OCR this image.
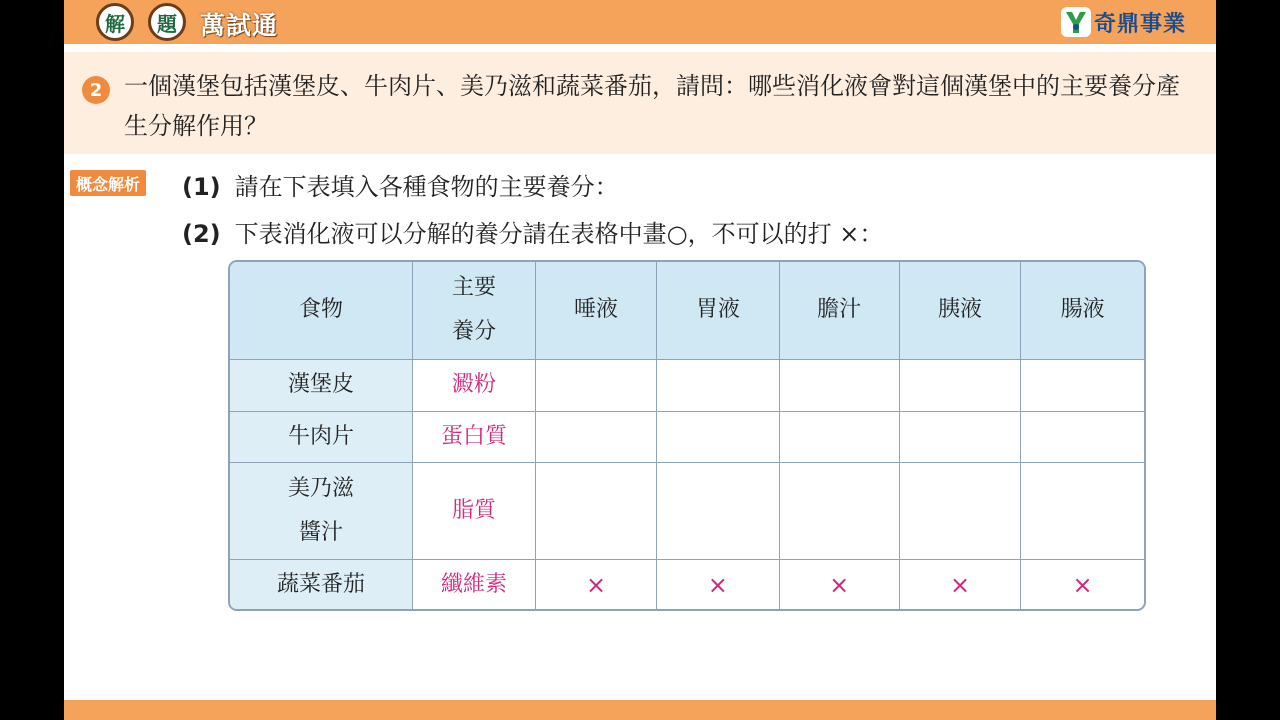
解	題 萬試通	奇鼎事業
2 一個漢堡包括漢堡皮、牛肉片、美乃滋和蔬菜番茄，請問：哪些消化液會對這個漢堡中的主要養分產生分解作用？
概念解析 (1) 請在下表填入各種食物的主要養分：
(2) 下表消化液可以分解的養分請在表格中畫○，不可以的打 ×：
食物	主要養分	唾液	胃液	膽汁	胰液	腸液
漢堡皮	澱粉					
牛肉片	蛋白質					
美乃滋醬汁	脂質					
蔬菜番茄	纖維素	×	×	×	×	×
